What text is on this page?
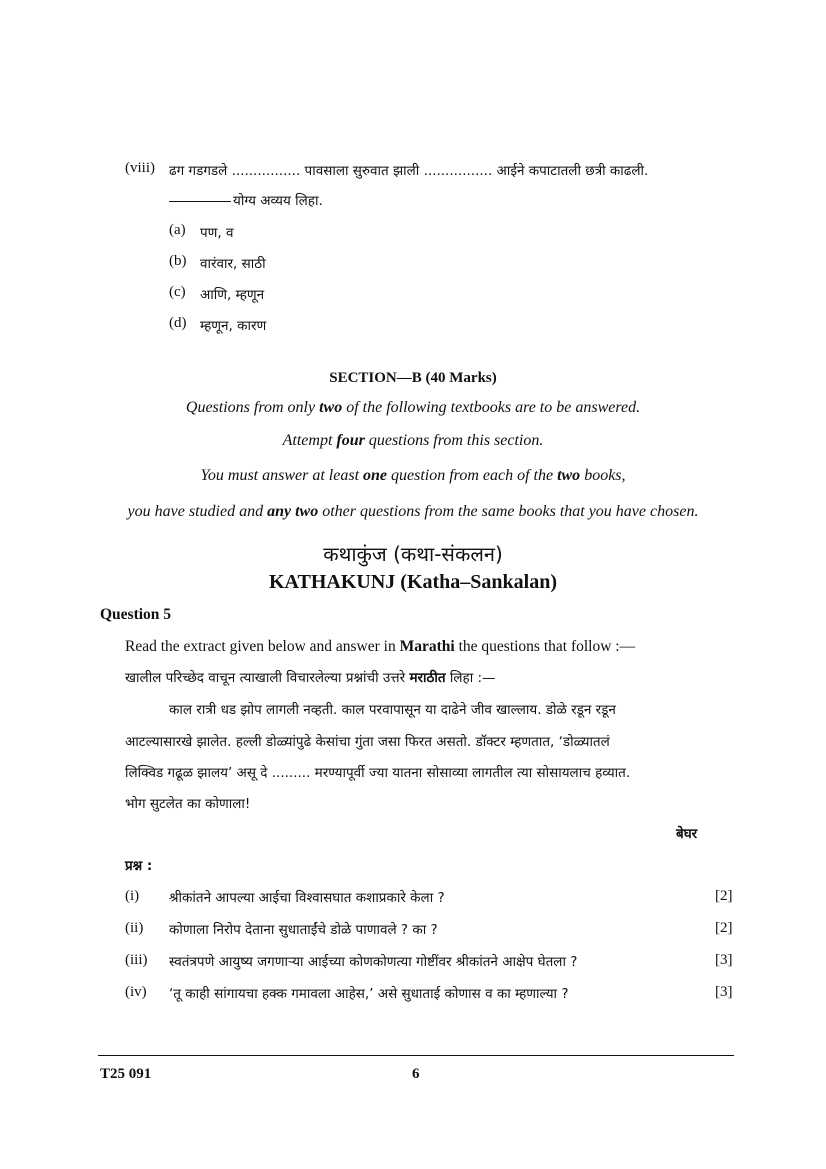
(viii) ढग गडगडले ................ पावसाला सुरुवात झाली ................ आईने कपाटातली छत्री काढली.
योग्य अव्यय लिहा.
(a) पण, व
(b) वारंवार, साठी
(c) आणि, म्हणून
(d) म्हणून, कारण
SECTION—B (40 Marks)
Questions from only two of the following textbooks are to be answered.
Attempt four questions from this section.
You must answer at least one question from each of the two books,
you have studied and any two other questions from the same books that you have chosen.
कथाकुंज (कथा-संकलन)
KATHAKUNJ (Katha–Sankalan)
Question 5
Read the extract given below and answer in Marathi the questions that follow :—
खालील परिच्छेद वाचून त्याखाली विचारलेल्या प्रश्नांची उत्तरे मराठीत लिहा :—
काल रात्री धड झोप लागली नव्हती. काल परवापासून या दाढेने जीव खाल्लाय. डोळे रडून रडून
आटल्यासारखे झालेत. हल्ली डोळ्यांपुढे केसांचा गुंता जसा फिरत असतो. डॉक्टर म्हणतात, ‘डोळ्यातलं
लिक्विड गढूळ झालय’ असू दे ......... मरण्यापूर्वी ज्या यातना सोसाव्या लागतील त्या सोसायलाच हव्यात.
भोग सुटलेत का कोणाला!
बेघर
प्रश्न :
(i) श्रीकांतने आपल्या आईचा विश्वासघात कशाप्रकारे केला ?	[2]
(ii) कोणाला निरोप देताना सुधाताईंचे डोळे पाणावले ? का ?	[2]
(iii) स्वतंत्रपणे आयुष्य जगणाऱ्या आईच्या कोणकोणत्या गोष्टींवर श्रीकांतने आक्षेप घेतला ?	[3]
(iv) ‘तू काही सांगायचा हक्क गमावला आहेस,’ असे सुधाताई कोणास व का म्हणाल्या ?	[3]
T25 091	6
